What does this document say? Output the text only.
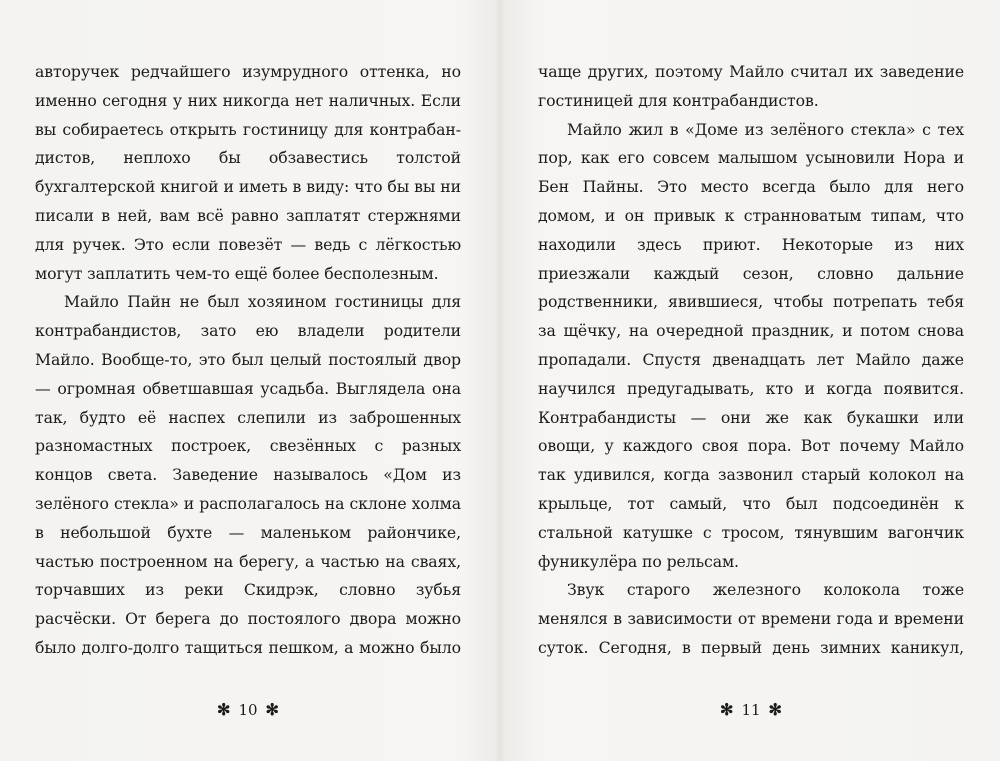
авторучек редчайшего изумрудного оттенка, но именно сегодня у них никогда нет наличных. Если вы собираетесь открыть гостиницу для контрабандистов, неплохо бы обзавестись толстой бухгалтерской книгой и иметь в виду: что бы вы ни писали в ней, вам всё равно заплатят стержнями для ручек. Это если повезёт — ведь с лёгкостью могут заплатить чем-то ещё более бесполезным.

Майло Пайн не был хозяином гостиницы для контрабандистов, зато ею владели родители Майло. Вообще-то, это был целый постоялый двор — огромная обветшавшая усадьба. Выглядела она так, будто её наспех слепили из заброшенных разномастных построек, свезённых с разных концов света. Заведение называлось «Дом из зелёного стекла» и располагалось на склоне холма в небольшой бухте — маленьком райончике, частью построенном на берегу, а частью на сваях, торчавших из реки Скидрэк, словно зубья расчёски. От берега до постоялого двора можно было долго-долго тащиться пешком, а можно было

✻ 10 ✻

чаще других, поэтому Майло считал их заведение гостиницей для контрабандистов.

Майло жил в «Доме из зелёного стекла» с тех пор, как его совсем малышом усыновили Нора и Бен Пайны. Это место всегда было для него домом, и он привык к странноватым типам, что находили здесь приют. Некоторые из них приезжали каждый сезон, словно дальние родственники, явившиеся, чтобы потрепать тебя за щёчку, на очередной праздник, и потом снова пропадали. Спустя двенадцать лет Майло даже научился предугадывать, кто и когда появится. Контрабандисты — они же как букашки или овощи, у каждого своя пора. Вот почему Майло так удивился, когда зазвонил старый колокол на крыльце, тот самый, что был подсоединён к стальной катушке с тросом, тянувшим вагончик фуникулёра по рельсам.

Звук старого железного колокола тоже менялся в зависимости от времени года и времени суток. Сегодня, в первый день зимних каникул,

✻ 11 ✻
